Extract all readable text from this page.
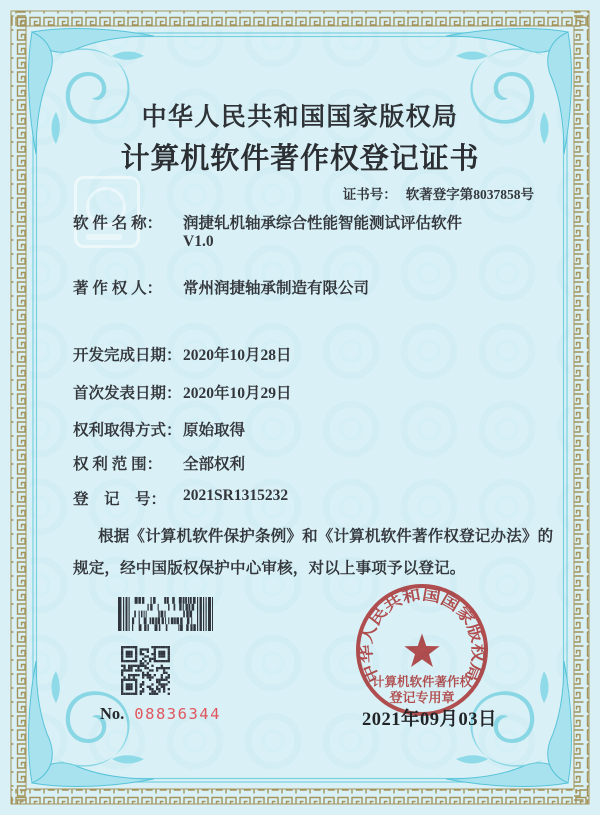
中华人民共和国国家版权局
计算机软件著作权登记证书
证书号： 软著登字第8037858号
软 件 名 称： 润捷轧机轴承综合性能智能测试评估软件
V1.0
著 作 权 人： 常州润捷轴承制造有限公司
开发完成日期： 2020年10月28日
首次发表日期： 2020年10月29日
权利取得方式： 原始取得
权 利 范 围： 全部权利
登　记　号： 2021SR1315232
根据《计算机软件保护条例》和《计算机软件著作权登记办法》的
规定，经中国版权保护中心审核，对以上事项予以登记。
No. 08836344
中华人民共和国国家版权局
计算机软件著作权
登记专用章
2021年09月03日
